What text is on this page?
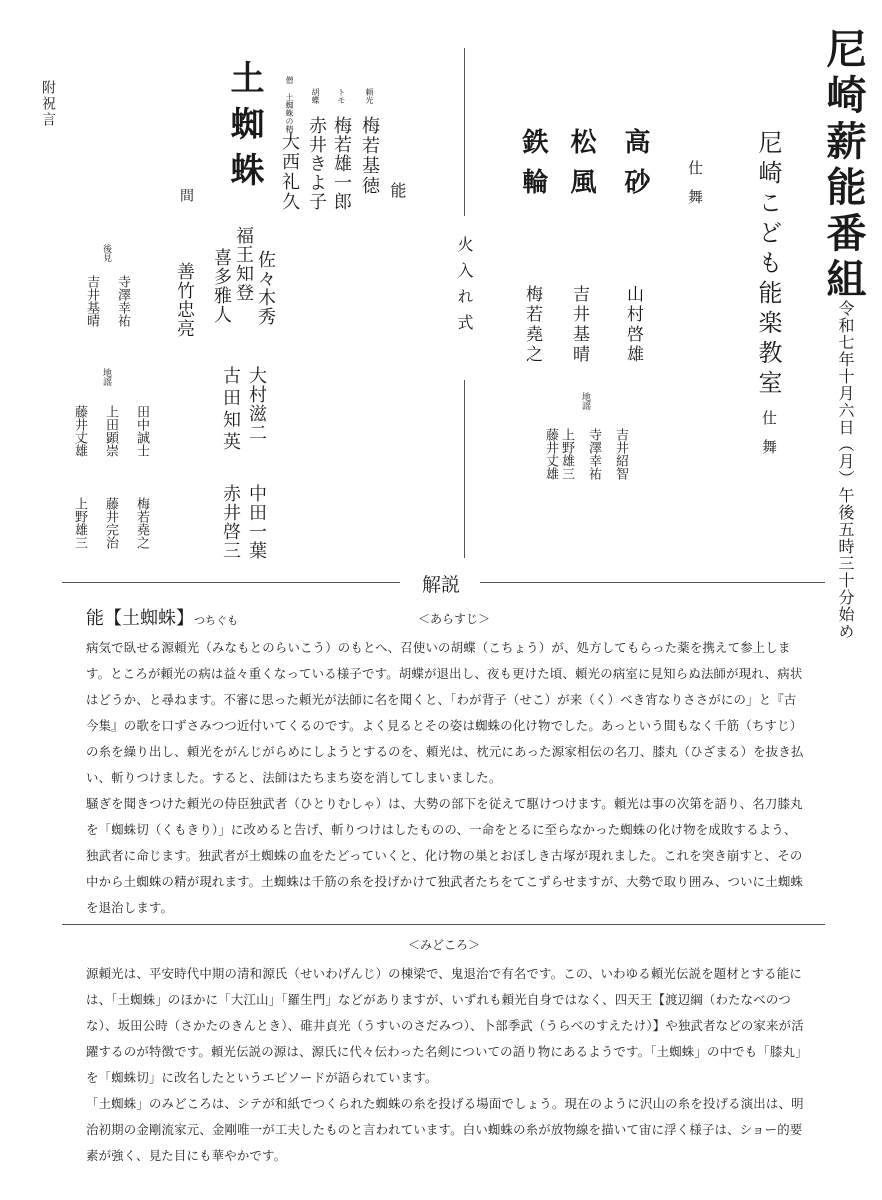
尼崎薪能番組
令和七年十月六日（月）午後五時三十分始め
尼崎こども能楽教室
仕舞
仕舞
高砂
松風
鉄輪
山村啓雄
吉井基晴
梅若堯之
地謡
吉井紹智
寺澤幸祐
上野雄三
藤井丈雄
火入れ式
能
頼光
梅若基徳
トモ
梅若雄一郎
胡蝶
赤井きよ子
僧 土蜘蛛の精
大西礼久
土蜘蛛
佐々木秀
福王知登
喜多雅人
大村滋二
古田知英
中田一葉
赤井啓三
間
善竹忠亮
後見
寺澤幸祐
吉井基晴
地謡
田中誠士
上田顕崇
藤井丈雄
梅若堯之
藤井完治
上野雄三
附祝言
解説
能【土蜘蛛】つちぐも	＜あらすじ＞

病気で臥せる源頼光（みなもとのらいこう）のもとへ、召使いの胡蝶（こちょう）が、処方してもらった薬を携えて参上します。ところが頼光の病は益々重くなっている様子です。胡蝶が退出し、夜も更けた頃、頼光の病室に見知らぬ法師が現れ、病状はどうか、と尋ねます。不審に思った頼光が法師に名を聞くと、「わが背子（せこ）が来（く）べき宵なりささがにの」と『古今集』の歌を口ずさみつつ近付いてくるのです。よく見るとその姿は蜘蛛の化け物でした。あっという間もなく千筋（ちすじ）の糸を繰り出し、頼光をがんじがらめにしようとするのを、頼光は、枕元にあった源家相伝の名刀、膝丸（ひざまる）を抜き払い、斬りつけました。すると、法師はたちまち姿を消してしまいました。

騒ぎを聞きつけた頼光の侍臣独武者（ひとりむしゃ）は、大勢の部下を従えて駆けつけます。頼光は事の次第を語り、名刀膝丸を「蜘蛛切（くもきり）」に改めると告げ、斬りつけはしたものの、一命をとるに至らなかった蜘蛛の化け物を成敗するよう、独武者に命じます。独武者が土蜘蛛の血をたどっていくと、化け物の巣とおぼしき古塚が現れました。これを突き崩すと、その中から土蜘蛛の精が現れます。土蜘蛛は千筋の糸を投げかけて独武者たちをてこずらせますが、大勢で取り囲み、ついに土蜘蛛を退治します。

＜みどころ＞

源頼光は、平安時代中期の清和源氏（せいわげんじ）の棟梁で、鬼退治で有名です。この、いわゆる頼光伝説を題材とする能には、「土蜘蛛」のほかに「大江山」「羅生門」などがありますが、いずれも頼光自身ではなく、四天王【渡辺綱（わたなべのつな）、坂田公時（さかたのきんとき）、碓井貞光（うすいのさだみつ）、卜部季武（うらべのすえたけ）】や独武者などの家来が活躍するのが特徴です。頼光伝説の源は、源氏に代々伝わった名剣についての語り物にあるようです。「土蜘蛛」の中でも「膝丸」を「蜘蛛切」に改名したというエピソードが語られています。

「土蜘蛛」のみどころは、シテが和紙でつくられた蜘蛛の糸を投げる場面でしょう。現在のように沢山の糸を投げる演出は、明治初期の金剛流家元、金剛唯一が工夫したものと言われています。白い蜘蛛の糸が放物線を描いて宙に浮く様子は、ショー的要素が強く、見た目にも華やかです。
